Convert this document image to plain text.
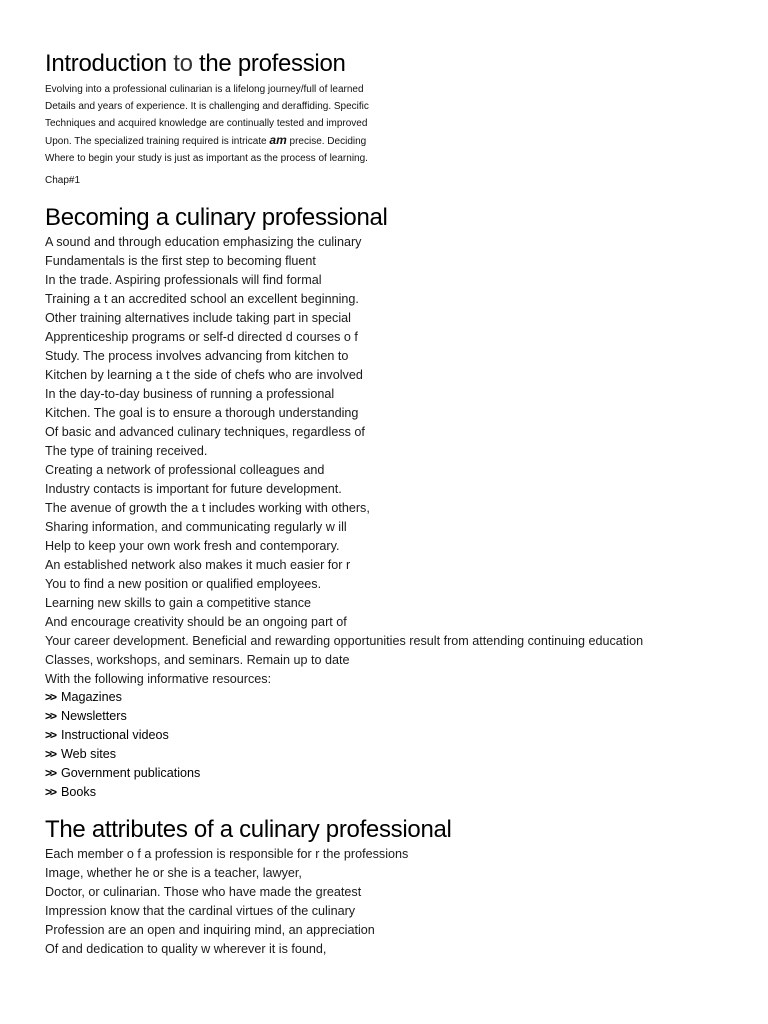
Introduction to the profession
Evolving into a professional culinarian is a lifelong journey/full of learned
Details and years of experience. It is challenging and deraffiding. Specific
Techniques and acquired knowledge are continually tested and improved
Upon. The specialized training required is intricate am precise. Deciding
Where to begin your study is just as important as the process of learning.
Chap#1
Becoming a culinary professional
A sound and through education emphasizing the culinary
Fundamentals is the first step to becoming fluent
In the trade. Aspiring professionals will find formal
Training a t an accredited school an excellent beginning.
Other training alternatives include taking part in special
Apprenticeship programs or self-d directed d courses o f
Study. The process involves advancing from kitchen to
Kitchen by learning a t the side of chefs who are involved
In the day-to-day business of running a professional
Kitchen. The goal is to ensure a thorough understanding
Of basic and advanced culinary techniques, regardless of
The type of training received.
Creating a network of professional colleagues and
Industry contacts is important for future development.
The avenue of growth the a t includes working with others,
Sharing information, and communicating regularly w ill
Help to keep your own work fresh and contemporary.
An established network also makes it much easier for r
You to find a new position or qualified employees.
Learning new skills to gain a competitive stance
And encourage creativity should be an ongoing part of
Your career development. Beneficial and rewarding opportunities result from attending continuing education
Classes, workshops, and seminars. Remain up to date
With the following informative resources:
>> Magazines
>> Newsletters
>> Instructional videos
>> Web sites
>> Government publications
>> Books
The attributes of a culinary professional
Each member o f a profession is responsible for r the professions
Image, whether he or she is a teacher, lawyer,
Doctor, or culinarian. Those who have made the greatest
Impression know that the cardinal virtues of the culinary
Profession are an open and inquiring mind, an appreciation
Of and dedication to quality w wherever it is found,
